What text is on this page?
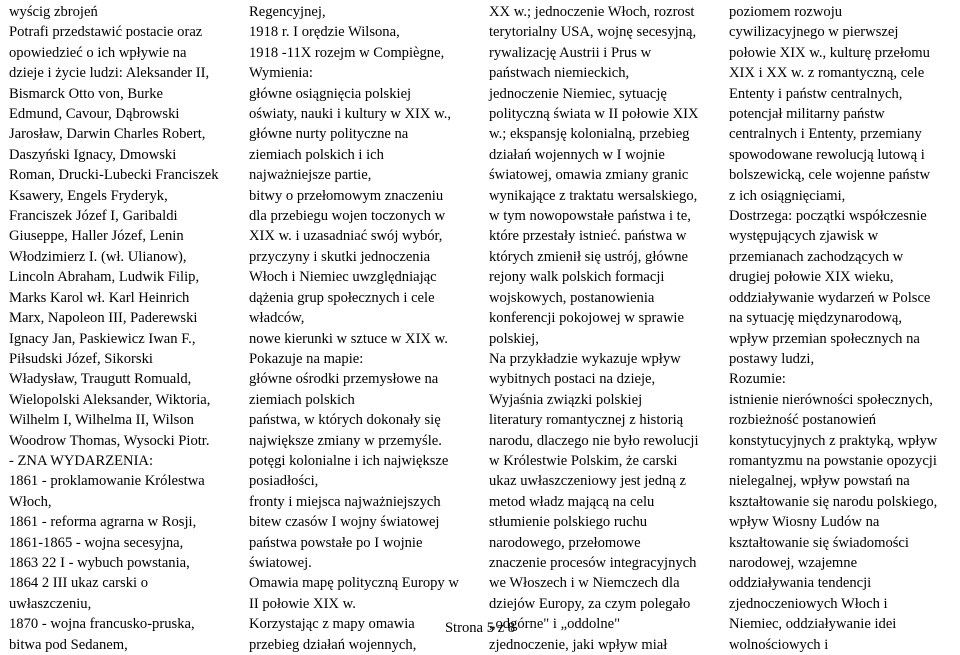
wyścig zbrojeń
Potrafi przedstawić postacie oraz
opowiedzieć o ich wpływie na
dzieje i życie ludzi: Aleksander II,
Bismarck Otto von, Burke
Edmund, Cavour, Dąbrowski
Jarosław, Darwin Charles Robert,
Daszyński Ignacy, Dmowski
Roman, Drucki-Lubecki Franciszek
Ksawery, Engels Fryderyk,
Franciszek Józef I, Garibaldi
Giuseppe, Haller Józef, Lenin
Włodzimierz I. (wł. Ulianow),
Lincoln Abraham, Ludwik Filip,
Marks Karol wł. Karl Heinrich
Marx, Napoleon III, Paderewski
Ignacy Jan, Paskiewicz Iwan F.,
Piłsudski Józef, Sikorski
Władysław, Traugutt Romuald,
Wielopolski Aleksander, Wiktoria,
Wilhelm I, Wilhelma II, Wilson
Woodrow Thomas, Wysocki Piotr.
- ZNA WYDARZENIA:
1861 - proklamowanie Królestwa
Włoch,
1861 - reforma agrarna w Rosji,
1861-1865 - wojna secesyjna,
1863 22 I - wybuch powstania,
1864 2 III ukaz carski o
uwłaszczeniu,
1870 - wojna francusko-pruska,
bitwa pod Sedanem,
Regencyjnej,
1918 r. I orędzie Wilsona,
1918 -11X rozejm w Compiègne,
Wymienia:
główne osiągnięcia polskiej
oświaty, nauki i kultury w XIX w.,
główne nurty polityczne na
ziemiach polskich i ich
najważniejsze partie,
bitwy o przełomowym znaczeniu
dla przebiegu wojen toczonych w
XIX w. i uzasadniać swój wybór,
przyczyny i skutki jednoczenia
Włoch i Niemiec uwzględniając
dążenia grup społecznych i cele
władców,
nowe kierunki w sztuce w XIX w.
Pokazuje na mapie:
główne ośrodki przemysłowe na
ziemiach polskich
państwa, w których dokonały się
największe zmiany w przemyśle.
potęgi kolonialne i ich największe
posiadłości,
fronty i miejsca najważniejszych
bitew czasów I wojny światowej
państwa powstałe po I wojnie
światowej.
Omawia mapę polityczną Europy w
II połowie XIX w.
Korzystając z mapy omawia
przebieg działań wojennych,
XX w.; jednoczenie Włoch, rozrost
terytorialny USA, wojnę secesyjną,
rywalizację Austrii i Prus w
państwach niemieckich,
jednoczenie Niemiec, sytuację
polityczną świata w II połowie XIX
w.; ekspansję kolonialną, przebieg
działań wojennych w I wojnie
światowej, omawia zmiany granic
wynikające z traktatu wersalskiego,
w tym nowopowstałe państwa i te,
które przestały istnieć. państwa w
których zmienił się ustrój, główne
rejony walk polskich formacji
wojskowych, postanowienia
konferencji pokojowej w sprawie
polskiej,
Na przykładzie wykazuje wpływ
wybitnych postaci na dzieje,
Wyjaśnia związki polskiej
literatury romantycznej z historią
narodu, dlaczego nie było rewolucji
w Królestwie Polskim, że carski
ukaz uwłaszczeniowy jest jedną z
metod władz mającą na celu
stłumienie polskiego ruchu
narodowego, przełomowe
znaczenie procesów integracyjnych
we Włoszech i w Niemczech dla
dziejów Europy, za czym polegało
„odgórne" i „oddolne"
zjednoczenie, jaki wpływ miał
poziomem rozwoju
cywilizacyjnego w pierwszej
połowie XIX w., kulturę przełomu
XIX i XX w. z romantyczną, cele
Ententy i państw centralnych,
potencjał militarny państw
centralnych i Ententy, przemiany
spowodowane rewolucją lutową i
bolszewicką, cele wojenne państw
z ich osiągnięciami,
Dostrzega: początki współczesnie
występujących zjawisk w
przemianach zachodzących w
drugiej połowie XIX wieku,
oddziaływanie wydarzeń w Polsce
na sytuację międzynarodową,
wpływ przemian społecznych na
postawy ludzi,
Rozumie:
istnienie nierówności społecznych,
rozbieżność postanowień
konstytucyjnych z praktyką, wpływ
romantyzmu na powstanie opozycji
nielegalnej, wpływ powstań na
kształtowanie się narodu polskiego,
wpływ Wiosny Ludów na
kształtowanie się świadomości
narodowej, wzajemne
oddziaływania tendencji
zjednoczeniowych Włoch i
Niemiec, oddziaływanie idei
wolnościowych i
Strona 5 z 8
